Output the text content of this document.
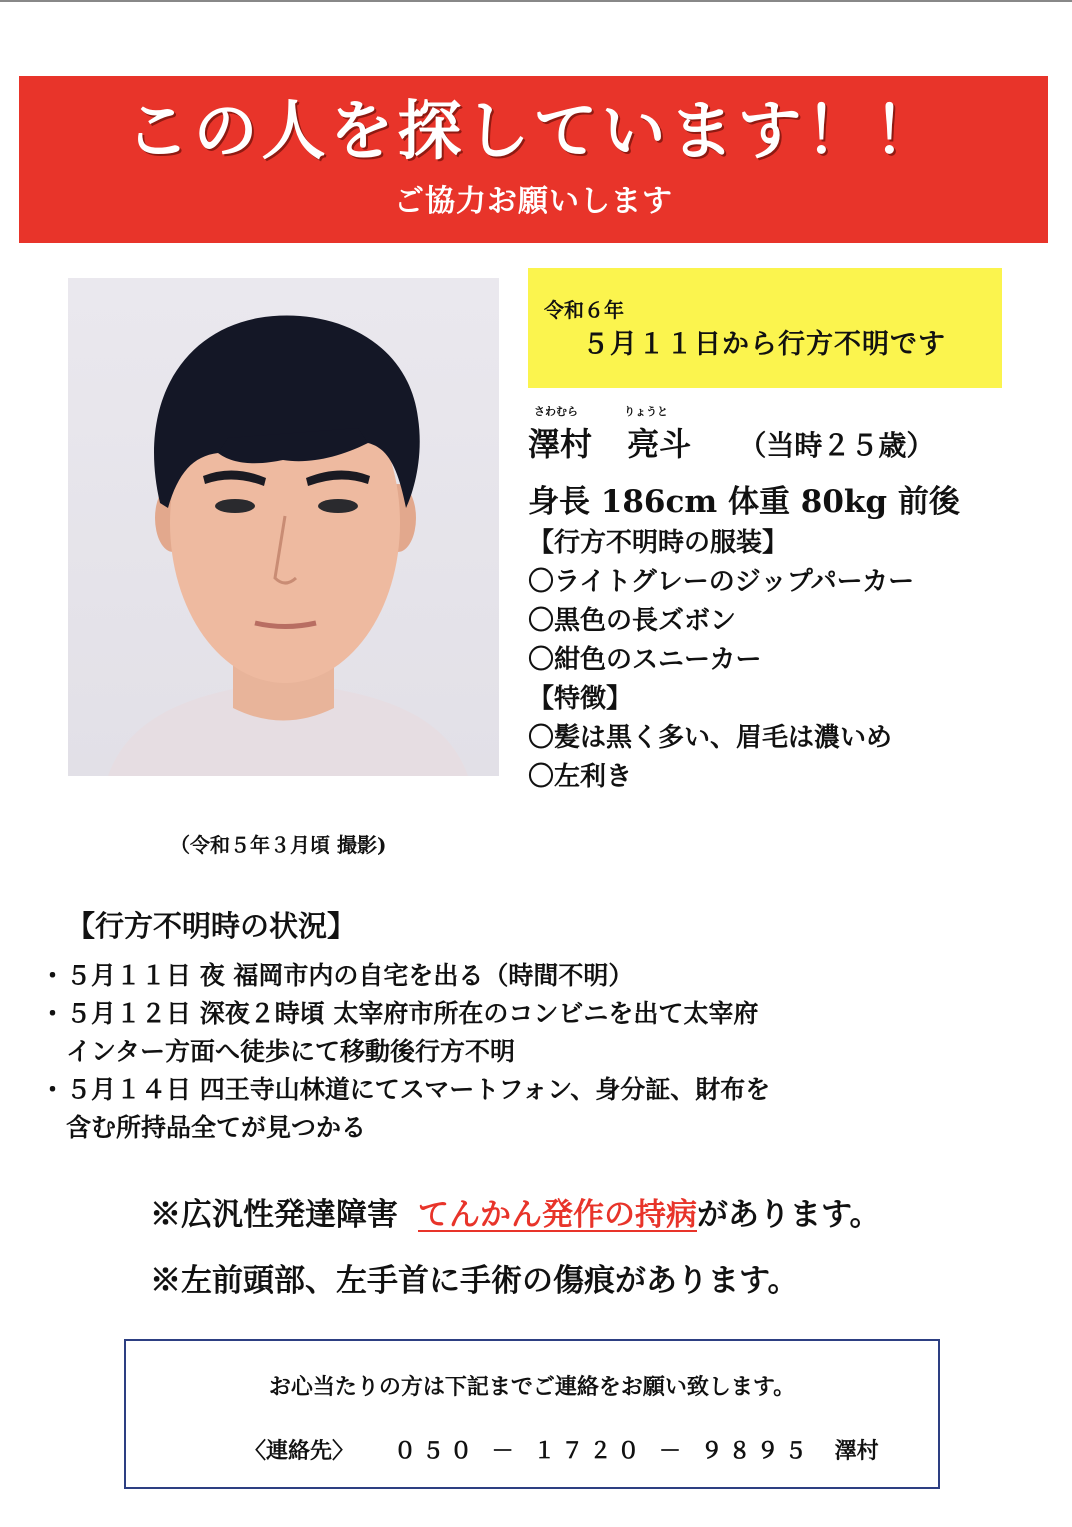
この人を探しています！！
ご協力お願いします
（令和５年３月頃 撮影)
令和６年
５月１１日から行方不明です
さわむら	りょうと
澤村 亮斗 （当時２５歳）
身長 186cm 体重 80kg 前後
【行方不明時の服装】
〇ライトグレーのジップパーカー
〇黒色の長ズボン
〇紺色のスニーカー
【特徴】
〇髪は黒く多い、眉毛は濃いめ
〇左利き
【行方不明時の状況】
・ ５月１１日 夜 福岡市内の自宅を出る（時間不明）
・ ５月１２日 深夜２時頃 太宰府市所在のコンビニを出て太宰府
インター方面へ徒歩にて移動後行方不明
・ ５月１４日 四王寺山林道にてスマートフォン、身分証、財布を
含む所持品全てが見つかる
※広汎性発達障害 てんかん発作の持病があります。
※左前頭部、左手首に手術の傷痕があります。
お心当たりの方は下記までご連絡をお願い致します。
〈連絡先〉 ０５０ － １７２０ － ９８９５ 澤村
